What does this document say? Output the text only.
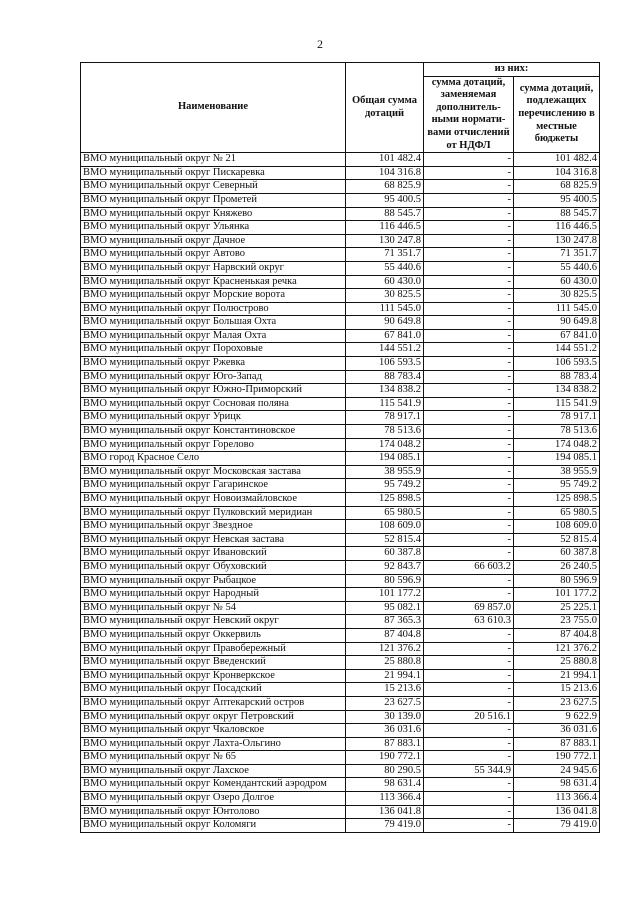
2
Наименование	Общая сумма дотаций	из них:	
		сумма дотаций, заменяемая дополнитель-ными нормати-вами отчислений от НДФЛ	сумма дотаций, подлежащих перечислению в местные бюджеты
ВМО муниципальный округ № 21	101 482.4	-	101 482.4
ВМО муниципальный округ Пискаревка	104 316.8	-	104 316.8
ВМО муниципальный округ Северный	68 825.9	-	68 825.9
ВМО муниципальный округ Прометей	95 400.5	-	95 400.5
ВМО муниципальный округ Княжево	88 545.7	-	88 545.7
ВМО муниципальный округ Ульянка	116 446.5	-	116 446.5
ВМО муниципальный округ Дачное	130 247.8	-	130 247.8
ВМО муниципальный округ Автово	71 351.7	-	71 351.7
ВМО муниципальный округ Нарвский округ	55 440.6	-	55 440.6
ВМО муниципальный округ Красненькая речка	60 430.0	-	60 430.0
ВМО муниципальный округ Морские ворота	30 825.5	-	30 825.5
ВМО муниципальный округ Полюстрово	111 545.0	-	111 545.0
ВМО муниципальный округ Большая Охта	90 649.8	-	90 649.8
ВМО муниципальный округ Малая Охта	67 841.0	-	67 841.0
ВМО муниципальный округ Пороховые	144 551.2	-	144 551.2
ВМО муниципальный округ Ржевка	106 593.5	-	106 593.5
ВМО муниципальный округ Юго-Запад	88 783.4	-	88 783.4
ВМО муниципальный округ Южно-Приморский	134 838.2	-	134 838.2
ВМО муниципальный округ Сосновая поляна	115 541.9	-	115 541.9
ВМО муниципальный округ Урицк	78 917.1	-	78 917.1
ВМО муниципальный округ Константиновское	78 513.6	-	78 513.6
ВМО муниципальный округ Горелово	174 048.2	-	174 048.2
ВМО город Красное Село	194 085.1	-	194 085.1
ВМО муниципальный округ Московская застава	38 955.9	-	38 955.9
ВМО муниципальный округ Гагаринское	95 749.2	-	95 749.2
ВМО муниципальный округ Новоизмайловское	125 898.5	-	125 898.5
ВМО муниципальный округ Пулковский меридиан	65 980.5	-	65 980.5
ВМО муниципальный округ Звездное	108 609.0	-	108 609.0
ВМО муниципальный округ Невская застава	52 815.4	-	52 815.4
ВМО муниципальный округ Ивановский	60 387.8	-	60 387.8
ВМО муниципальный округ Обуховский	92 843.7	66 603.2	26 240.5
ВМО муниципальный округ Рыбацкое	80 596.9	-	80 596.9
ВМО муниципальный округ Народный	101 177.2	-	101 177.2
ВМО муниципальный округ № 54	95 082.1	69 857.0	25 225.1
ВМО муниципальный округ Невский округ	87 365.3	63 610.3	23 755.0
ВМО муниципальный округ Оккервиль	87 404.8	-	87 404.8
ВМО муниципальный округ Правобережный	121 376.2	-	121 376.2
ВМО муниципальный округ Введенский	25 880.8	-	25 880.8
ВМО муниципальный округ Кронверкское	21 994.1	-	21 994.1
ВМО муниципальный округ Посадский	15 213.6	-	15 213.6
ВМО муниципальный округ Аптекарский остров	23 627.5	-	23 627.5
ВМО муниципальный округ округ Петровский	30 139.0	20 516.1	9 622.9
ВМО муниципальный округ Чкаловское	36 031.6	-	36 031.6
ВМО муниципальный округ Лахта-Ольгино	87 883.1	-	87 883.1
ВМО муниципальный округ № 65	190 772.1	-	190 772.1
ВМО муниципальный округ Лахское	80 290.5	55 344.9	24 945.6
ВМО муниципальный округ Комендантский аэродром	98 631.4	-	98 631.4
ВМО муниципальный округ Озеро Долгое	113 366.4	-	113 366.4
ВМО муниципальный округ Юнтолово	136 041.8	-	136 041.8
ВМО муниципальный округ Коломяги	79 419.0	-	79 419.0
